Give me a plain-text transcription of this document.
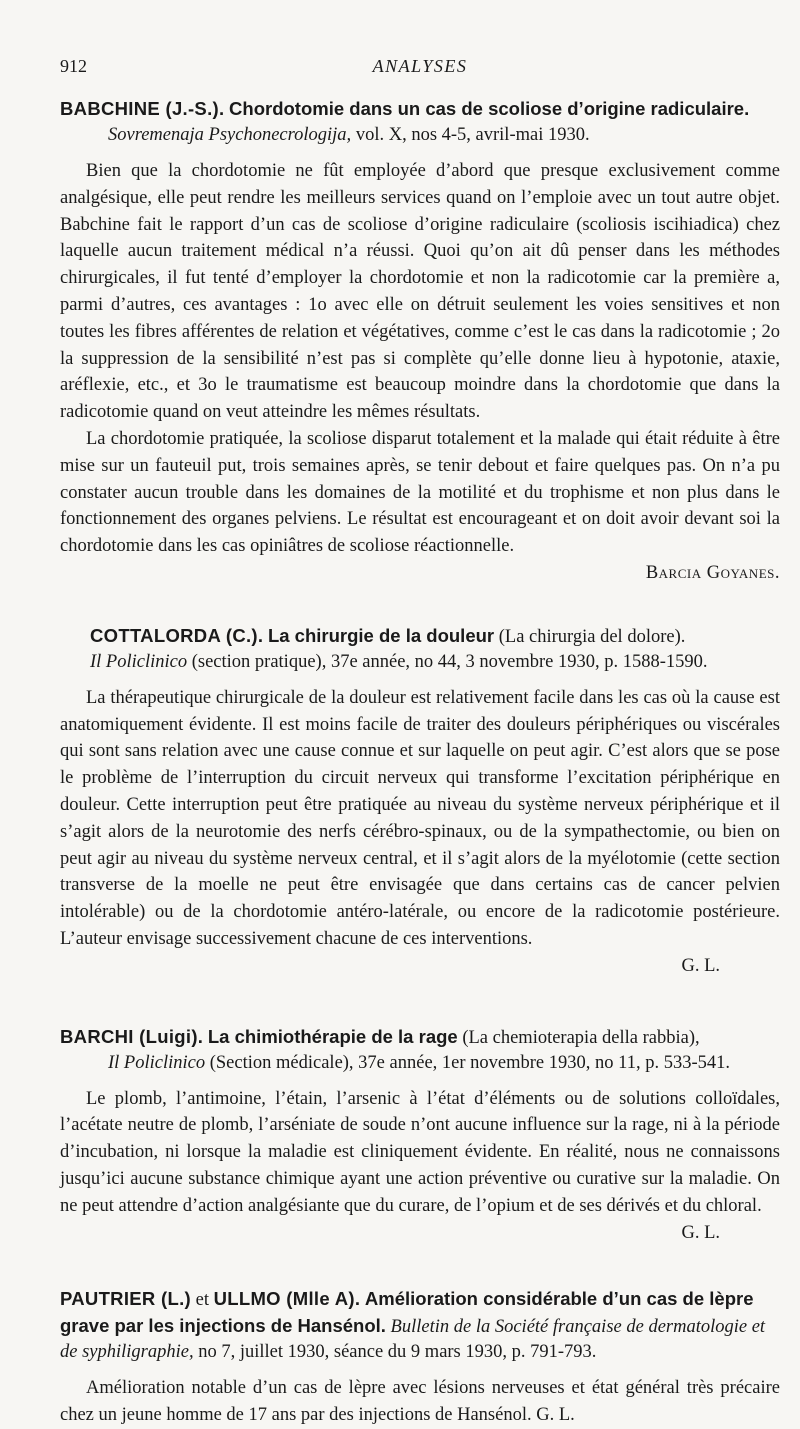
912	ANALYSES
BABCHINE (J.-S.). Chordotomie dans un cas de scoliose d’origine radiculaire.
Sovremenaja Psychonecrologija, vol. X, nos 4-5, avril-mai 1930.

Bien que la chordotomie ne fût employée d’abord que presque exclusivement comme analgésique, elle peut rendre les meilleurs services quand on l’emploie avec un tout autre objet. Babchine fait le rapport d’un cas de scoliose d’origine radiculaire (scoliosis iscihiadica) chez laquelle aucun traitement médical n’a réussi. Quoi qu’on ait dû penser dans les méthodes chirurgicales, il fut tenté d’employer la chordotomie et non la radicotomie car la première a, parmi d’autres, ces avantages : 1o avec elle on détruit seulement les voies sensitives et non toutes les fibres afférentes de relation et végétatives, comme c’est le cas dans la radicotomie ; 2o la suppression de la sensibilité n’est pas si complète qu’elle donne lieu à hypotonie, ataxie, aréflexie, etc., et 3o le traumatisme est beaucoup moindre dans la chordotomie que dans la radicotomie quand on veut atteindre les mêmes résultats.

La chordotomie pratiquée, la scoliose disparut totalement et la malade qui était réduite à être mise sur un fauteuil put, trois semaines après, se tenir debout et faire quelques pas. On n’a pu constater aucun trouble dans les domaines de la motilité et du trophisme et non plus dans le fonctionnement des organes pelviens. Le résultat est encourageant et on doit avoir devant soi la chordotomie dans les cas opiniâtres de scoliose réactionnelle.

Barcia Goyanes.
COTTALORDA (C.). La chirurgie de la douleur (La chirurgia del dolore).
Il Policlinico (section pratique), 37e année, no 44, 3 novembre 1930, p. 1588-1590.

La thérapeutique chirurgicale de la douleur est relativement facile dans les cas où la cause est anatomiquement évidente. Il est moins facile de traiter des douleurs périphériques ou viscérales qui sont sans relation avec une cause connue et sur laquelle on peut agir. C’est alors que se pose le problème de l’interruption du circuit nerveux qui transforme l’excitation périphérique en douleur. Cette interruption peut être pratiquée au niveau du système nerveux périphérique et il s’agit alors de la neurotomie des nerfs cérébro-spinaux, ou de la sympathectomie, ou bien on peut agir au niveau du système nerveux central, et il s’agit alors de la myélotomie (cette section transverse de la moelle ne peut être envisagée que dans certains cas de cancer pelvien intolérable) ou de la chordotomie antéro-latérale, ou encore de la radicotomie postérieure. L’auteur envisage successivement chacune de ces interventions.

G. L.
BARCHI (Luigi). La chimiothérapie de la rage (La chemioterapia della rabbia),
Il Policlinico (Section médicale), 37e année, 1er novembre 1930, no 11, p. 533-541.

Le plomb, l’antimoine, l’étain, l’arsenic à l’état d’éléments ou de solutions colloïdales, l’acétate neutre de plomb, l’arséniate de soude n’ont aucune influence sur la rage, ni à la période d’incubation, ni lorsque la maladie est cliniquement évidente. En réalité, nous ne connaissons jusqu’ici aucune substance chimique ayant une action préventive ou curative sur la maladie. On ne peut attendre d’action analgésiante que du curare, de l’opium et de ses dérivés et du chloral.

G. L.
PAUTRIER (L.) et ULLMO (Mlle A). Amélioration considérable d’un cas de lèpre grave par les injections de Hansénol. Bulletin de la Société française de dermatologie et de syphiligraphie, no 7, juillet 1930, séance du 9 mars 1930, p. 791-793.

Amélioration notable d’un cas de lèpre avec lésions nerveuses et état général très précaire chez un jeune homme de 17 ans par des injections de Hansénol. G. L.
